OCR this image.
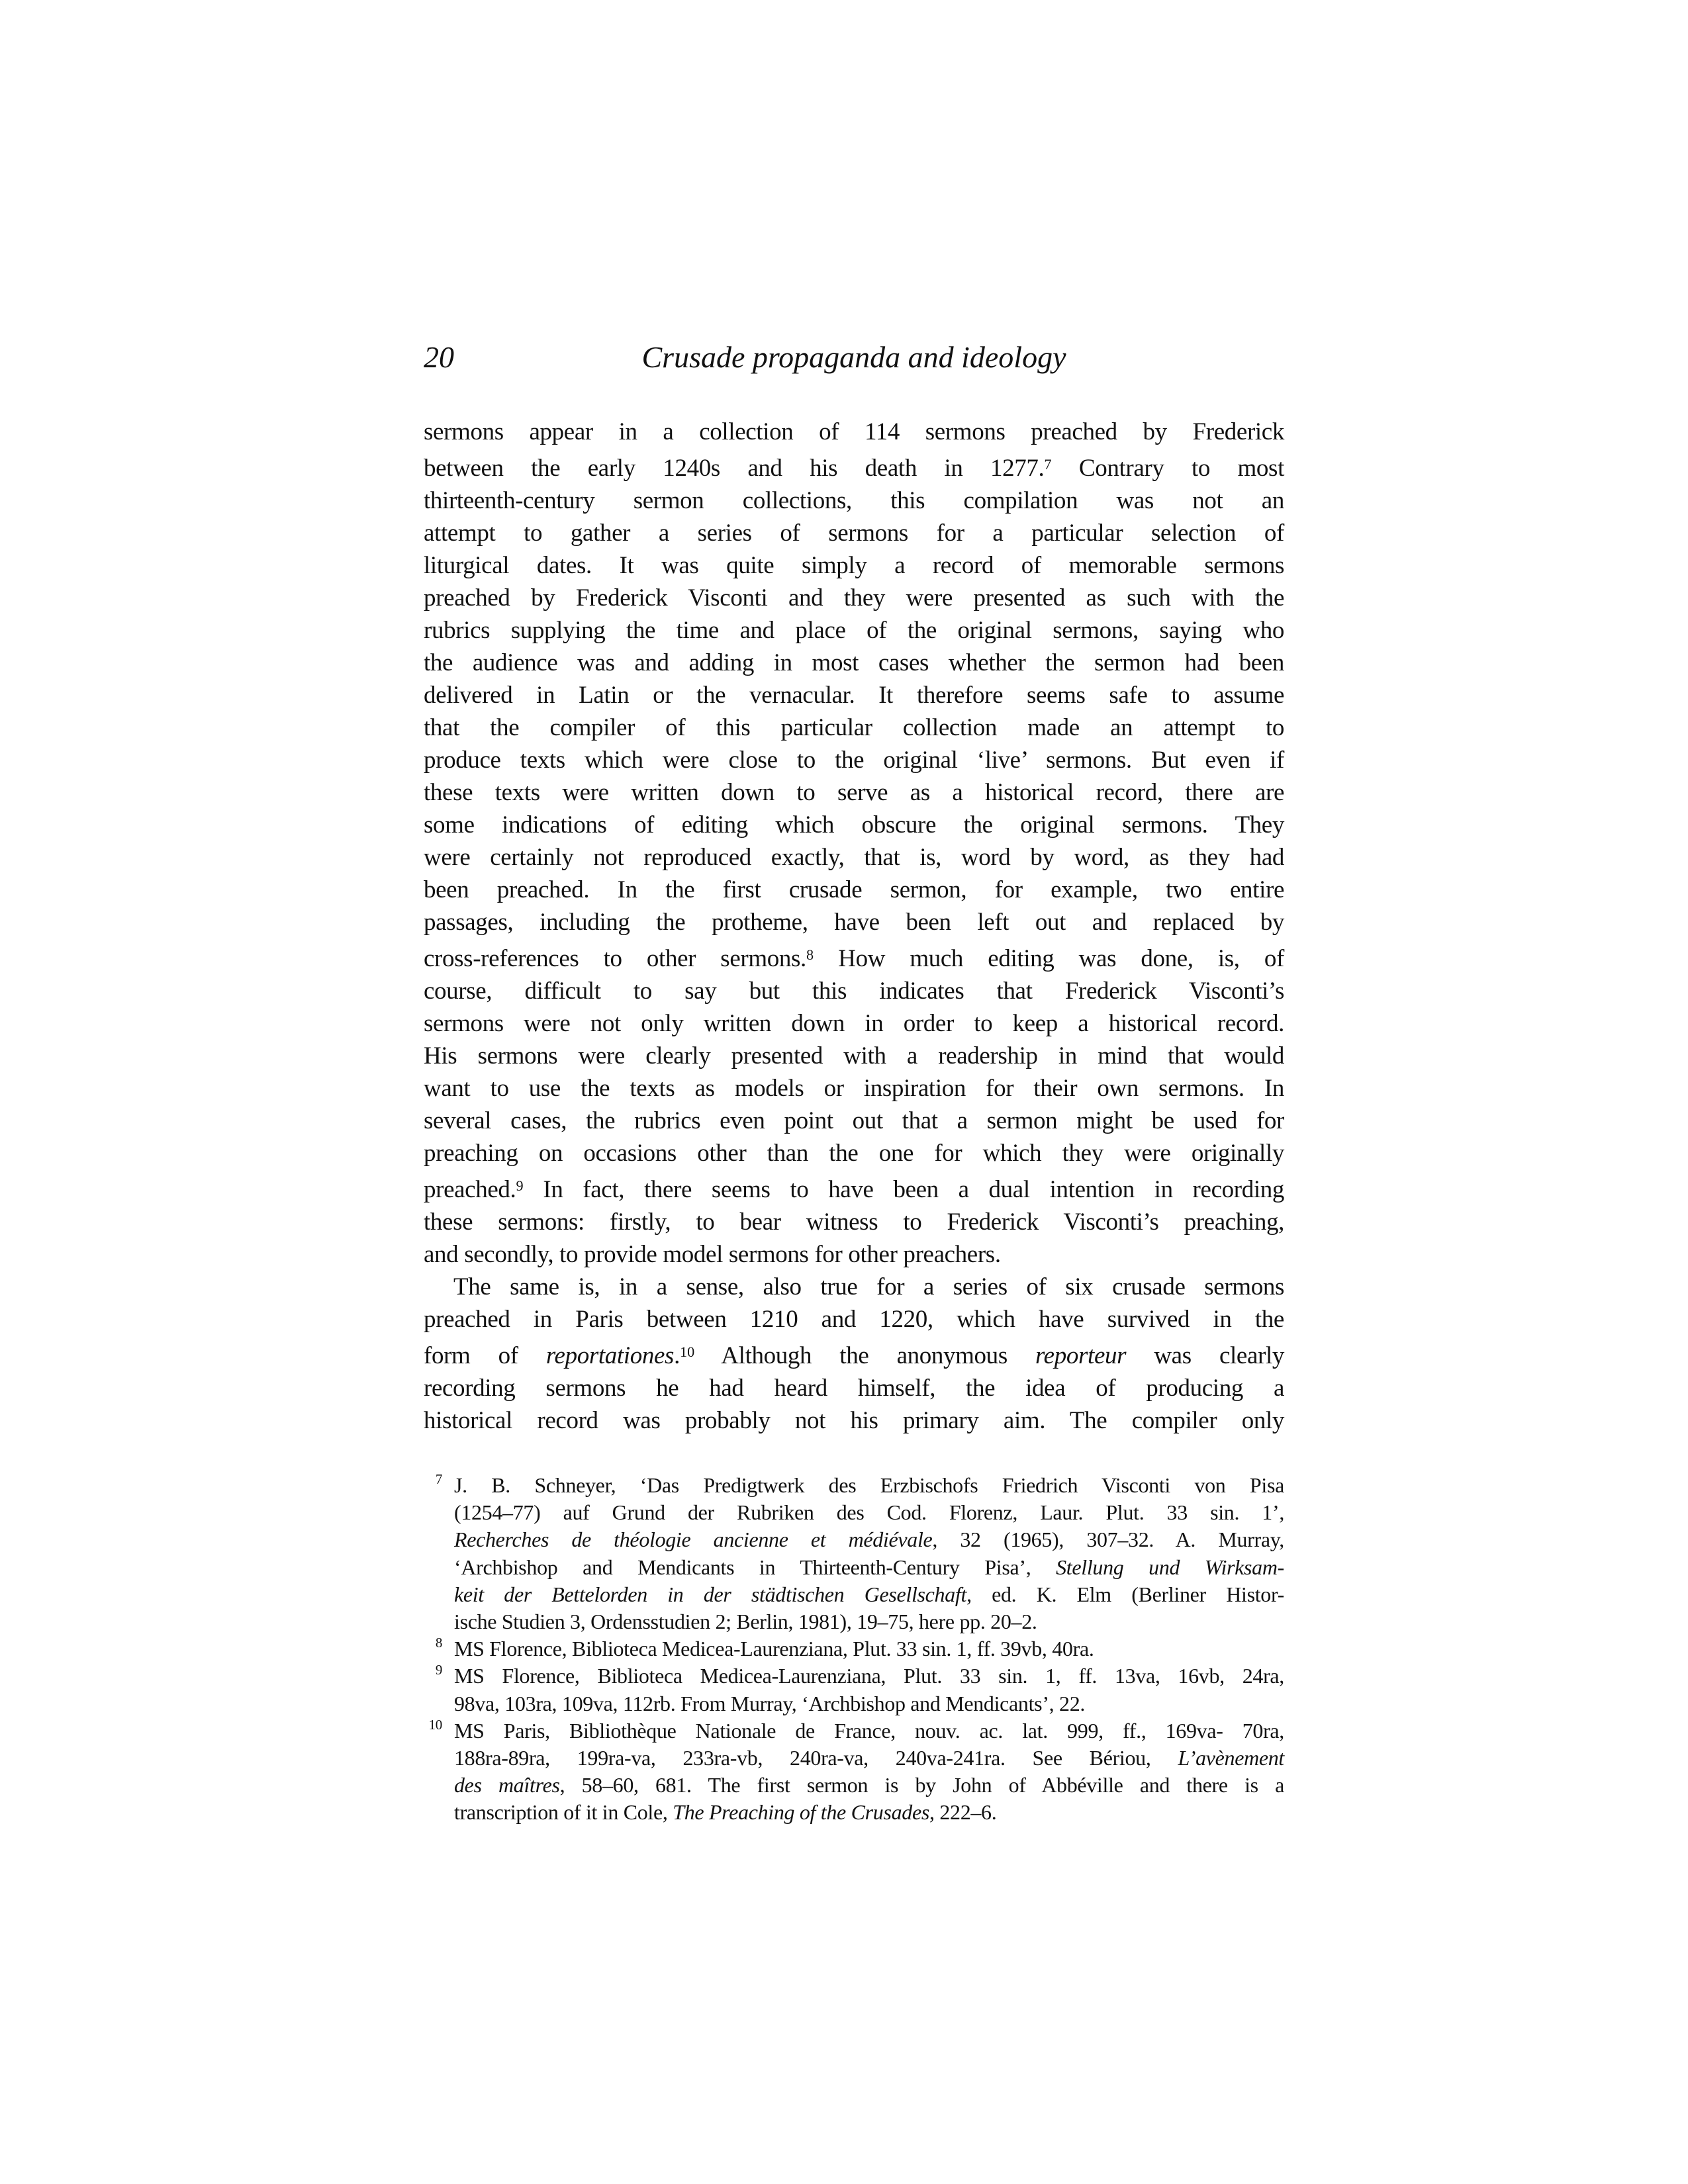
20	Crusade propaganda and ideology
sermons appear in a collection of 114 sermons preached by Frederick
between the early 1240s and his death in 1277.$^7$ Contrary to most
thirteenth-century sermon collections, this compilation was not an
attempt to gather a series of sermons for a particular selection of
liturgical dates. It was quite simply a record of memorable sermons
preached by Frederick Visconti and they were presented as such with the
rubrics supplying the time and place of the original sermons, saying who
the audience was and adding in most cases whether the sermon had been
delivered in Latin or the vernacular. It therefore seems safe to assume
that the compiler of this particular collection made an attempt to
produce texts which were close to the original ‘live’ sermons. But even if
these texts were written down to serve as a historical record, there are
some indications of editing which obscure the original sermons. They
were certainly not reproduced exactly, that is, word by word, as they had
been preached. In the first crusade sermon, for example, two entire
passages, including the protheme, have been left out and replaced by
cross-references to other sermons.$^8$ How much editing was done, is, of
course, difficult to say but this indicates that Frederick Visconti’s
sermons were not only written down in order to keep a historical record.
His sermons were clearly presented with a readership in mind that would
want to use the texts as models or inspiration for their own sermons. In
several cases, the rubrics even point out that a sermon might be used for
preaching on occasions other than the one for which they were originally
preached.$^9$ In fact, there seems to have been a dual intention in recording
these sermons: firstly, to bear witness to Frederick Visconti’s preaching,
and secondly, to provide model sermons for other preachers.
The same is, in a sense, also true for a series of six crusade sermons
preached in Paris between 1210 and 1220, which have survived in the
form of reportationes.$^{10}$ Although the anonymous reporteur was clearly
recording sermons he had heard himself, the idea of producing a
historical record was probably not his primary aim. The compiler only
7 J. B. Schneyer, ‘Das Predigtwerk des Erzbischofs Friedrich Visconti von Pisa
(1254–77) auf Grund der Rubriken des Cod. Florenz, Laur. Plut. 33 sin. 1’,
Recherches de théologie ancienne et médiévale, 32 (1965), 307–32. A. Murray,
‘Archbishop and Mendicants in Thirteenth-Century Pisa’, Stellung und Wirksam-
keit der Bettelorden in der städtischen Gesellschaft, ed. K. Elm (Berliner Histor-
ische Studien 3, Ordensstudien 2; Berlin, 1981), 19–75, here pp. 20–2.
8 MS Florence, Biblioteca Medicea-Laurenziana, Plut. 33 sin. 1, ff. 39vb, 40ra.
9 MS Florence, Biblioteca Medicea-Laurenziana, Plut. 33 sin. 1, ff. 13va, 16vb, 24ra,
98va, 103ra, 109va, 112rb. From Murray, ‘Archbishop and Mendicants’, 22.
10 MS Paris, Bibliothèque Nationale de France, nouv. ac. lat. 999, ff., 169va- 70ra,
188ra-89ra, 199ra-va, 233ra-vb, 240ra-va, 240va-241ra. See Bériou, L’avènement
des maîtres, 58–60, 681. The first sermon is by John of Abbéville and there is a
transcription of it in Cole, The Preaching of the Crusades, 222–6.
